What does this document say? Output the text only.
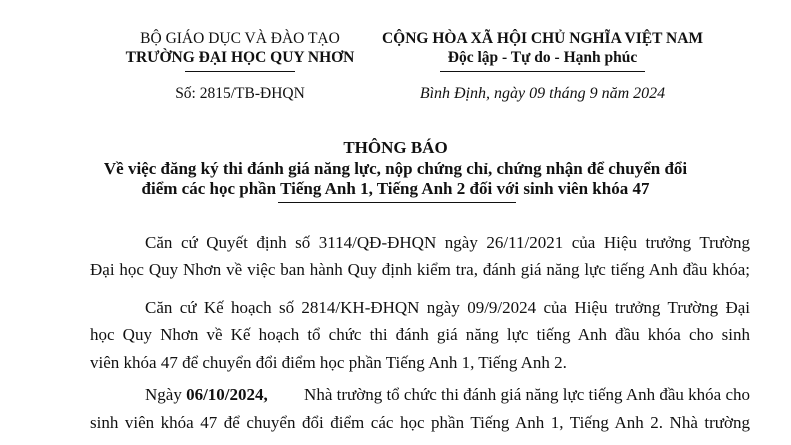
BỘ GIÁO DỤC VÀ ĐÀO TẠO
TRƯỜNG ĐẠI HỌC QUY NHƠN
Số: 2815/TB-ĐHQN
CỘNG HÒA XÃ HỘI CHỦ NGHĨA VIỆT NAM
Độc lập - Tự do - Hạnh phúc
Bình Định, ngày 09 tháng 9 năm 2024
THÔNG BÁO
Về việc đăng ký thi đánh giá năng lực, nộp chứng chỉ, chứng nhận để chuyển đổi
điểm các học phần Tiếng Anh 1, Tiếng Anh 2 đối với sinh viên khóa 47
Căn cứ Quyết định số 3114/QĐ-ĐHQN ngày 26/11/2021 của Hiệu trưởng Trường
Đại học Quy Nhơn về việc ban hành Quy định kiểm tra, đánh giá năng lực tiếng Anh đầu khóa;
Căn cứ Kế hoạch số 2814/KH-ĐHQN ngày 09/9/2024 của Hiệu trưởng Trường Đại
học Quy Nhơn về Kế hoạch tổ chức thi đánh giá năng lực tiếng Anh đầu khóa cho sinh
viên khóa 47 để chuyển đổi điểm học phần Tiếng Anh 1, Tiếng Anh 2.
Ngày 06/10/2024, Nhà trường tổ chức thi đánh giá năng lực tiếng Anh đầu khóa cho
sinh viên khóa 47 để chuyển đổi điểm các học phần Tiếng Anh 1, Tiếng Anh 2. Nhà trường
